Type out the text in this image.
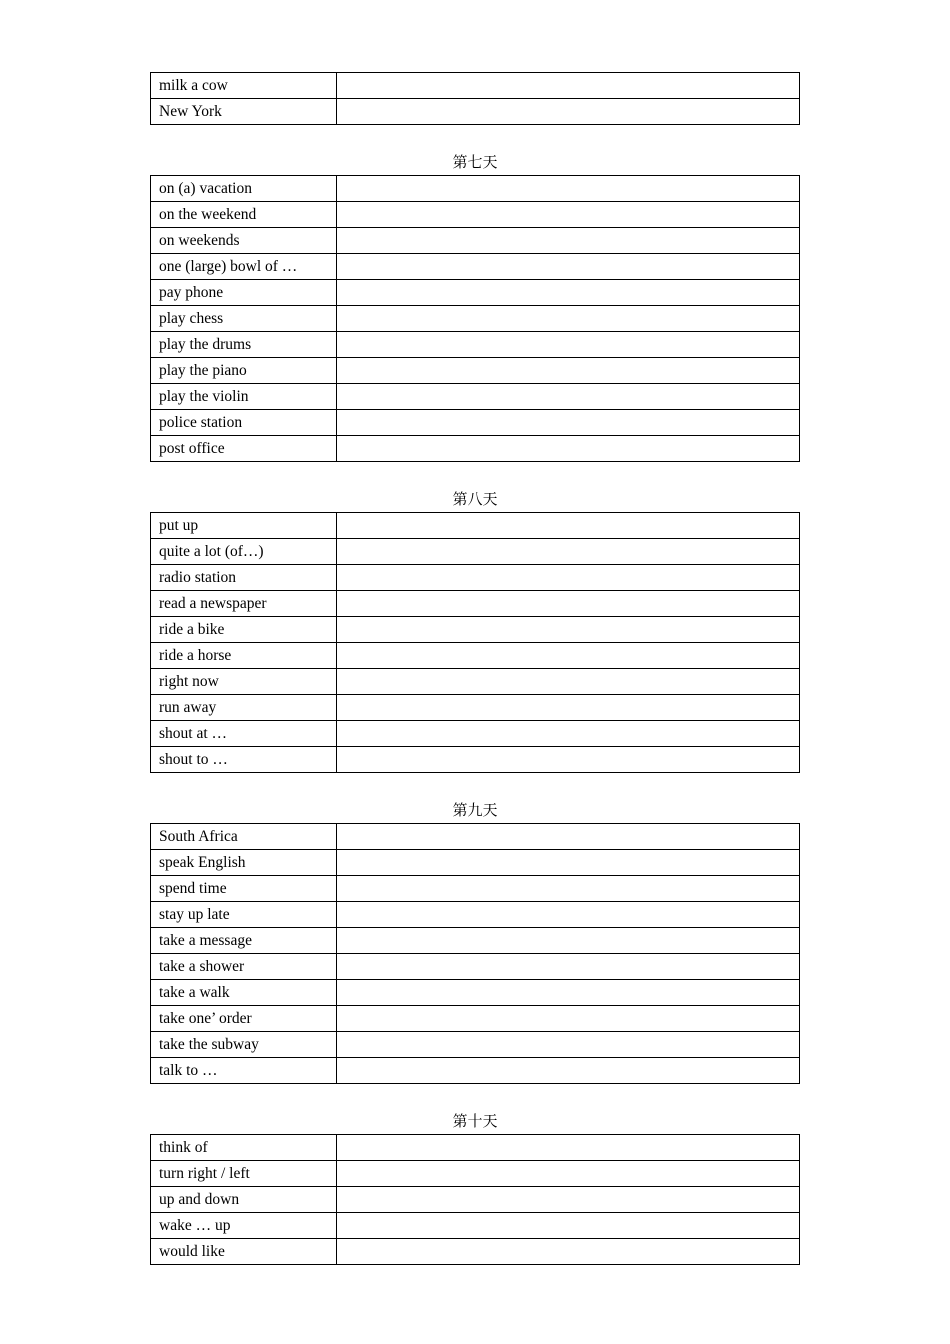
milk a cow	
New York	
第七天
on (a) vacation	
on the weekend	
on weekends	
one (large) bowl of …	
pay phone	
play chess	
play the drums	
play the piano	
play the violin	
police station	
post office	
第八天
put up	
quite a lot (of…)	
radio station	
read a newspaper	
ride a bike	
ride a horse	
right now	
run away	
shout at …	
shout to …	
第九天
South Africa	
speak English	
spend time	
stay up late	
take a message	
take a shower	
take a walk	
take one’ order	
take the subway	
talk to …	
第十天
think of	
turn right / left	
up and down	
wake … up	
would like	
